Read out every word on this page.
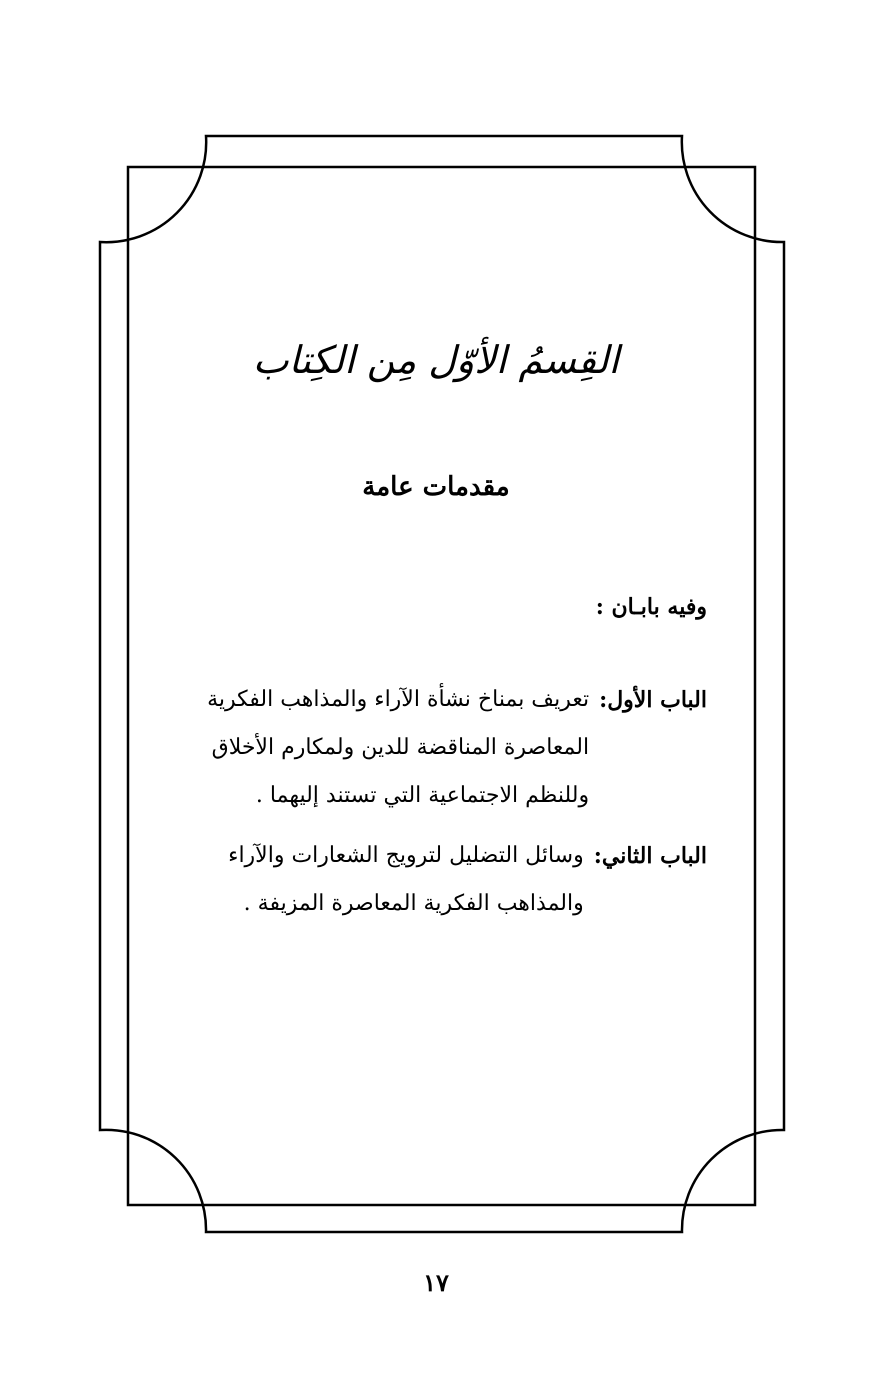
القِسمُ الأوّل مِن الكِتاب
مقدمات عامة
وفيه بابـان :
الباب الأول:
تعريف بمناخ نشأة الآراء والمذاهب الفكرية
المعاصرة المناقضة للدين ولمكارم الأخلاق
وللنظم الاجتماعية التي تستند إليهما .
الباب الثاني:
وسائل التضليل لترويج الشعارات والآراء
والمذاهب الفكرية المعاصرة المزيفة .
١٧
